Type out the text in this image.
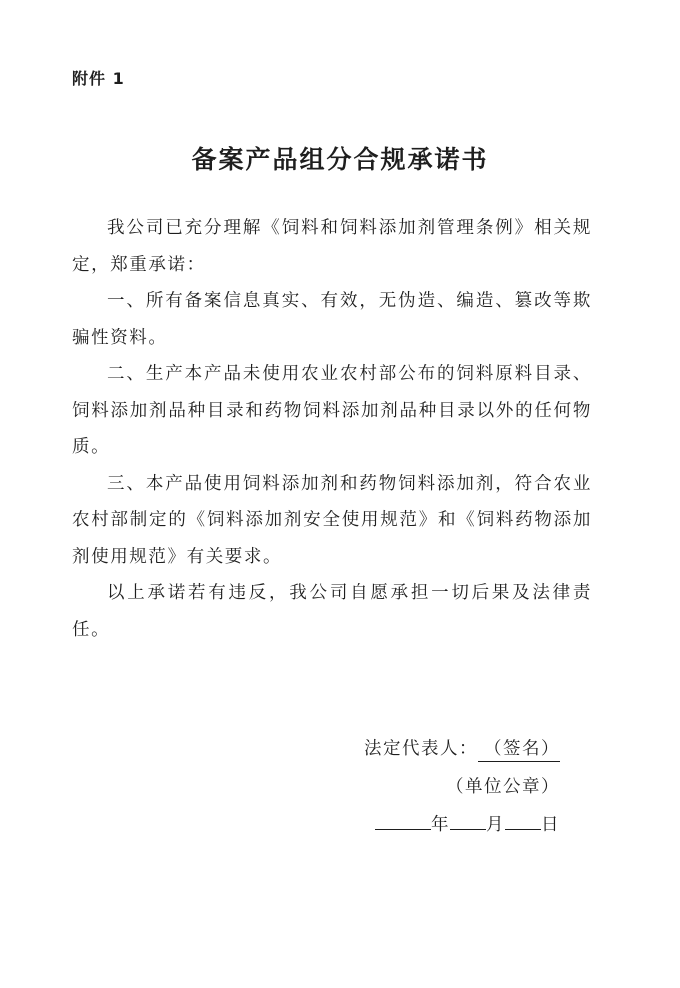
附件 1
备案产品组分合规承诺书

我公司已充分理解《饲料和饲料添加剂管理条例》相关规定，郑重承诺：

一、所有备案信息真实、有效，无伪造、编造、篡改等欺骗性资料。

二、生产本产品未使用农业农村部公布的饲料原料目录、饲料添加剂品种目录和药物饲料添加剂品种目录以外的任何物质。

三、本产品使用饲料添加剂和药物饲料添加剂，符合农业农村部制定的《饲料添加剂安全使用规范》和《饲料药物添加剂使用规范》有关要求。

以上承诺若有违反，我公司自愿承担一切后果及法律责任。

法定代表人： （签名）
（单位公章）
年 月 日
